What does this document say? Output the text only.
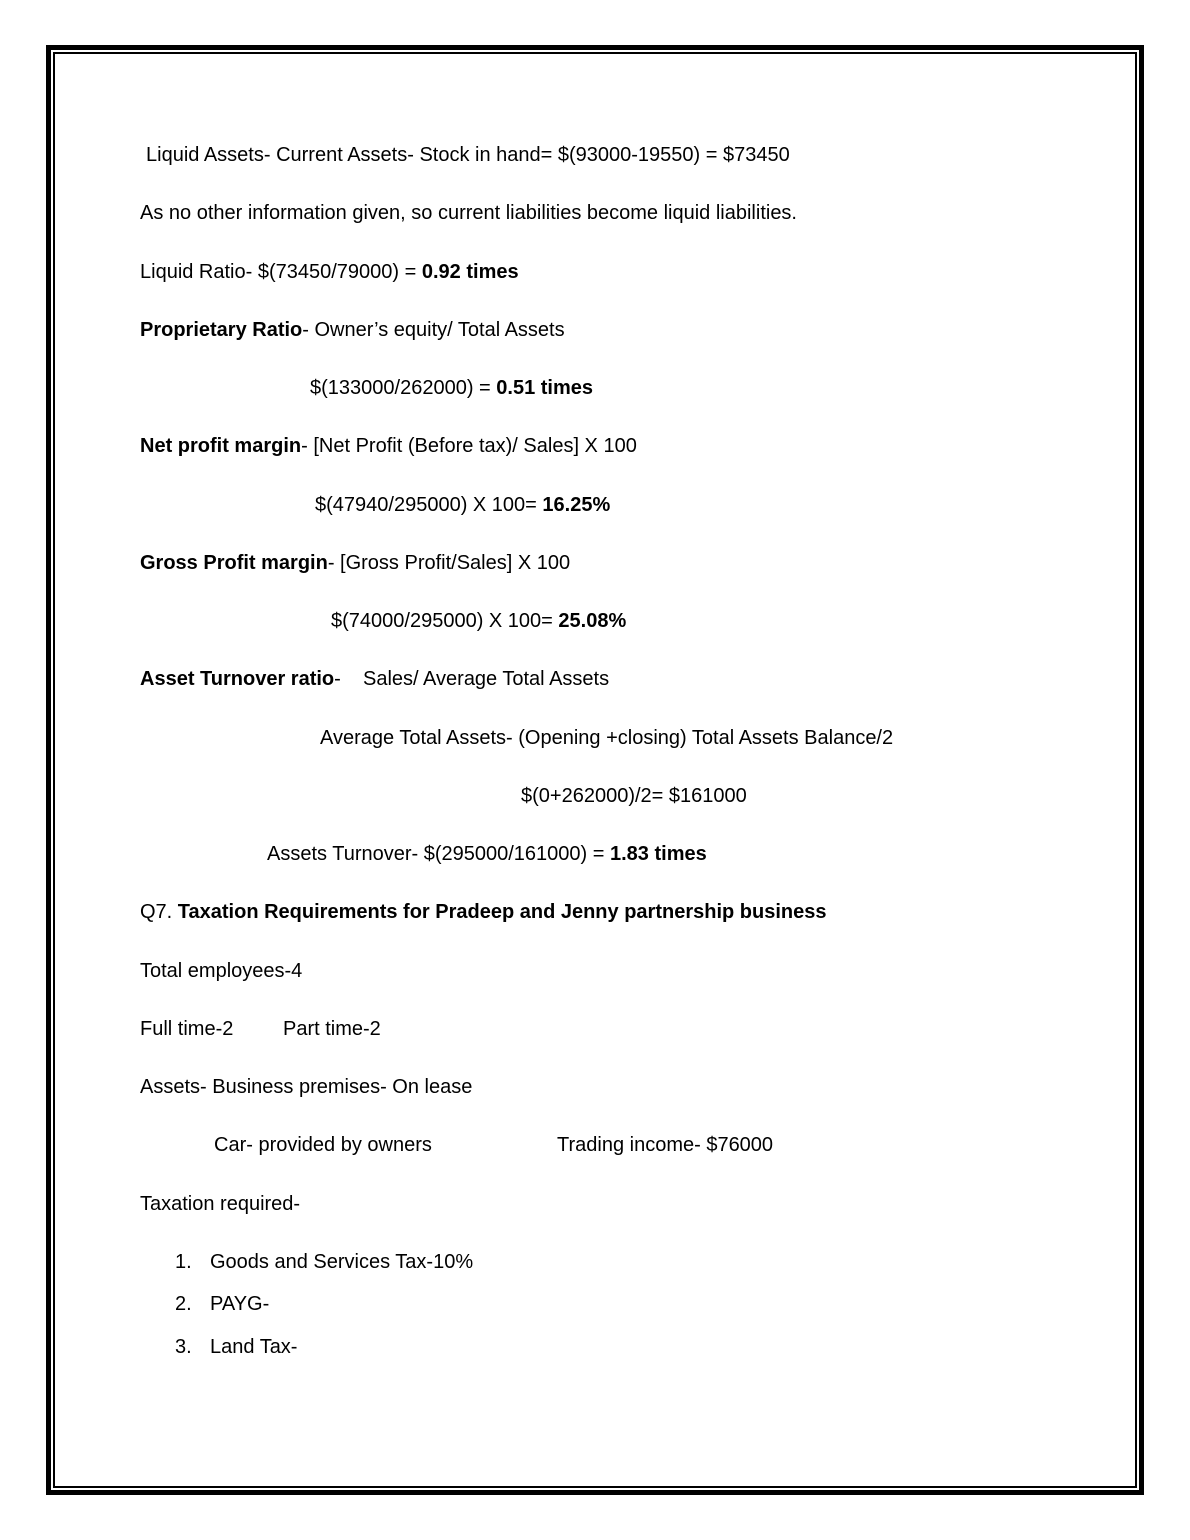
Liquid Assets- Current Assets- Stock in hand= $(93000-19550) = $73450
As no other information given, so current liabilities become liquid liabilities.
Liquid Ratio- $(73450/79000) = 0.92 times
Proprietary Ratio- Owner’s equity/ Total Assets
$(133000/262000) = 0.51 times
Net profit margin- [Net Profit (Before tax)/ Sales] X 100
$(47940/295000) X 100= 16.25%
Gross Profit margin- [Gross Profit/Sales] X 100
$(74000/295000) X 100= 25.08%
Asset Turnover ratio-    Sales/ Average Total Assets
Average Total Assets- (Opening +closing) Total Assets Balance/2
$(0+262000)/2= $161000
Assets Turnover- $(295000/161000) = 1.83 times
Q7. Taxation Requirements for Pradeep and Jenny partnership business
Total employees-4
Full time-2 Part time-2
Assets- Business premises- On lease
Car- provided by owners	Trading income- $76000
Taxation required-
1. Goods and Services Tax-10%
2. PAYG-
3. Land Tax-
